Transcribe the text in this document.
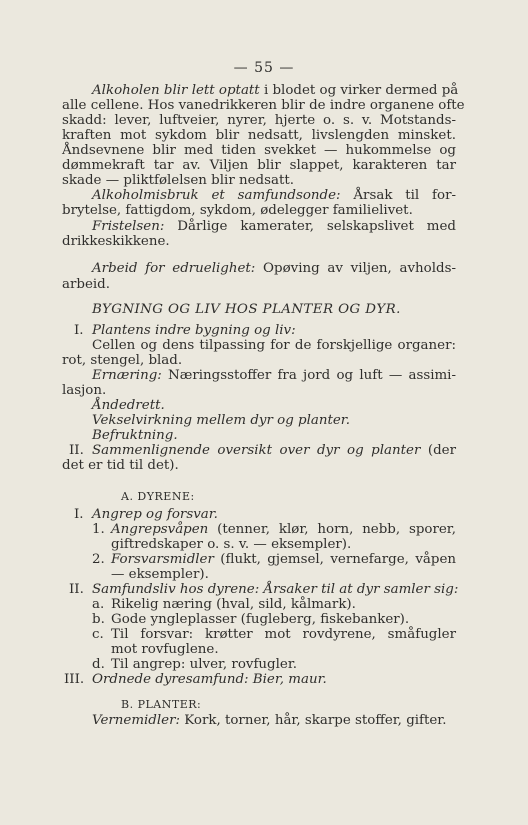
— 55 —
Alkoholen blir lett optatt i blodet og virker dermed på
alle cellene. Hos vanedrikkeren blir de indre organene ofte
skadd: lever, luftveier, nyrer, hjerte o. s. v. Motstands-
kraften mot sykdom blir nedsatt, livslengden minsket.
Åndsevnene blir med tiden svekket — hukommelse og
dømmekraft tar av. Viljen blir slappet, karakteren tar
skade — pliktfølelsen blir nedsatt.
Alkoholmisbruk et samfundsonde: Årsak til for-
brytelse, fattigdom, sykdom, ødelegger familielivet.
Fristelsen: Dårlige kamerater, selskapslivet med
drikkeskikkene.
Arbeid for edruelighet: Opøving av viljen, avholds-
arbeid.
BYGNING OG LIV HOS PLANTER OG DYR.
I. Plantens indre bygning og liv:
Cellen og dens tilpassing for de forskjellige organer:
rot, stengel, blad.
Ernæring: Næringsstoffer fra jord og luft — assimi-
lasjon.
Åndedrett.
Vekselvirkning mellem dyr og planter.
Befruktning.
II. Sammenlignende oversikt over dyr og planter (der
det er tid til det).
A. DYRENE:
I. Angrep og forsvar.
1. Angrepsvåpen (tenner, klør, horn, nebb, sporer,
giftredskaper o. s. v. — eksempler).
2. Forsvarsmidler (flukt, gjemsel, vernefarge, våpen
— eksempler).
II. Samfundsliv hos dyrene: Årsaker til at dyr samler sig:
a. Rikelig næring (hval, sild, kålmark).
b. Gode yngleplasser (fugleberg, fiskebanker).
c. Til forsvar: krøtter mot rovdyrene, småfugler
mot rovfuglene.
d. Til angrep: ulver, rovfugler.
III. Ordnede dyresamfund: Bier, maur.
B. PLANTER:
Vernemidler: Kork, torner, hår, skarpe stoffer, gifter.
